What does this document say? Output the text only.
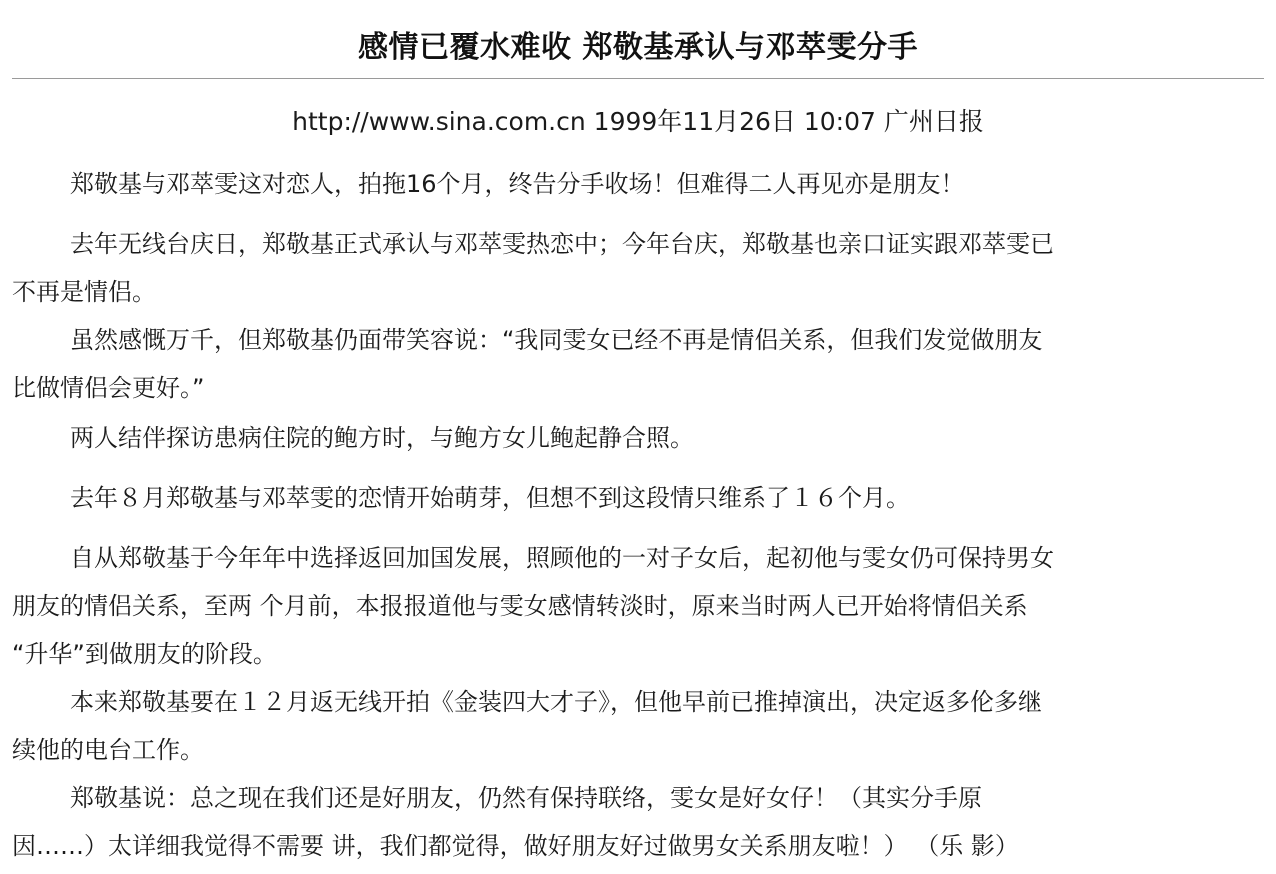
感情已覆水难收 郑敬基承认与邓萃雯分手
http://www.sina.com.cn 1999年11月26日 10:07 广州日报

郑敬基与邓萃雯这对恋人，拍拖16个月，终告分手收场！但难得二人再见亦是朋友！

去年无线台庆日，郑敬基正式承认与邓萃雯热恋中；今年台庆，郑敬基也亲口证实跟邓萃雯已
不再是情侣。

虽然感慨万千，但郑敬基仍面带笑容说：“我同雯女已经不再是情侣关系，但我们发觉做朋友
比做情侣会更好。”

两人结伴探访患病住院的鲍方时，与鲍方女儿鲍起静合照。

去年８月郑敬基与邓萃雯的恋情开始萌芽，但想不到这段情只维系了１６个月。

自从郑敬基于今年年中选择返回加国发展，照顾他的一对子女后，起初他与雯女仍可保持男女
朋友的情侣关系，至两 个月前，本报报道他与雯女感情转淡时，原来当时两人已开始将情侣关系
“升华”到做朋友的阶段。

本来郑敬基要在１２月返无线开拍《金装四大才子》，但他早前已推掉演出，决定返多伦多继
续他的电台工作。

郑敬基说：总之现在我们还是好朋友，仍然有保持联络，雯女是好女仔！（其实分手原
因……）太详细我觉得不需要 讲，我们都觉得，做好朋友好过做男女关系朋友啦！） （乐 影）
